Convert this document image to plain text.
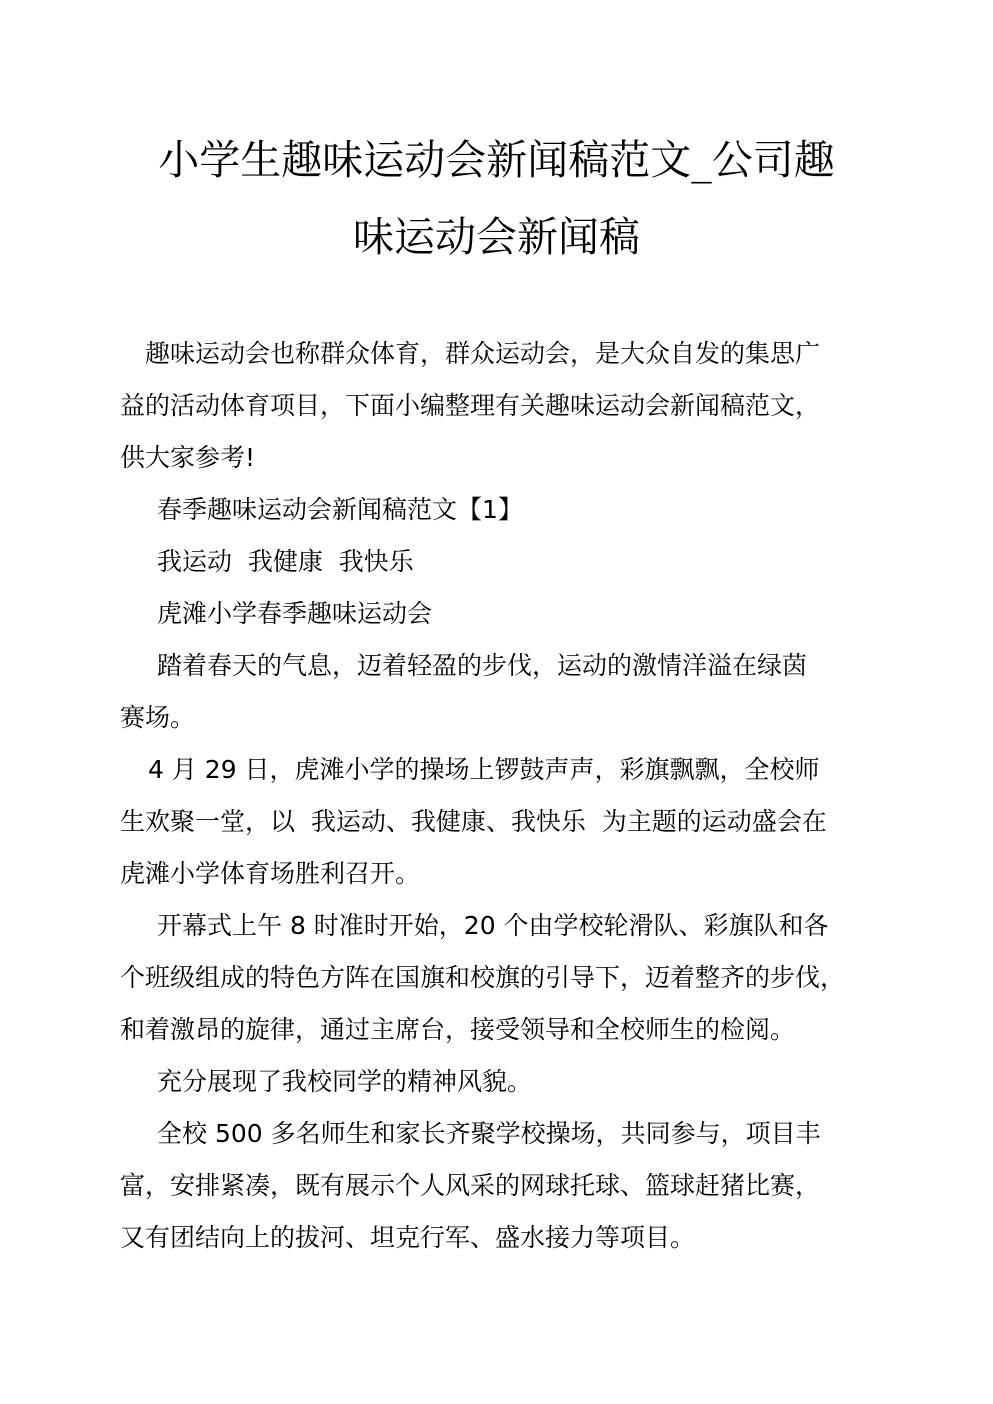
小学生趣味运动会新闻稿范文_公司趣
味运动会新闻稿
趣味运动会也称群众体育，群众运动会，是大众自发的集思广
益的活动体育项目，下面小编整理有关趣味运动会新闻稿范文，
供大家参考!
春季趣味运动会新闻稿范文【1】
我运动  我健康  我快乐
虎滩小学春季趣味运动会
踏着春天的气息，迈着轻盈的步伐，运动的激情洋溢在绿茵
赛场。
4 月 29 日，虎滩小学的操场上锣鼓声声，彩旗飘飘，全校师
生欢聚一堂，以  我运动、我健康、我快乐  为主题的运动盛会在
虎滩小学体育场胜利召开。
开幕式上午 8 时准时开始，20 个由学校轮滑队、彩旗队和各
个班级组成的特色方阵在国旗和校旗的引导下，迈着整齐的步伐，
和着激昂的旋律，通过主席台，接受领导和全校师生的检阅。
充分展现了我校同学的精神风貌。
全校 500 多名师生和家长齐聚学校操场，共同参与，项目丰
富，安排紧凑，既有展示个人风采的网球托球、篮球赶猪比赛，
又有团结向上的拔河、坦克行军、盛水接力等项目。
